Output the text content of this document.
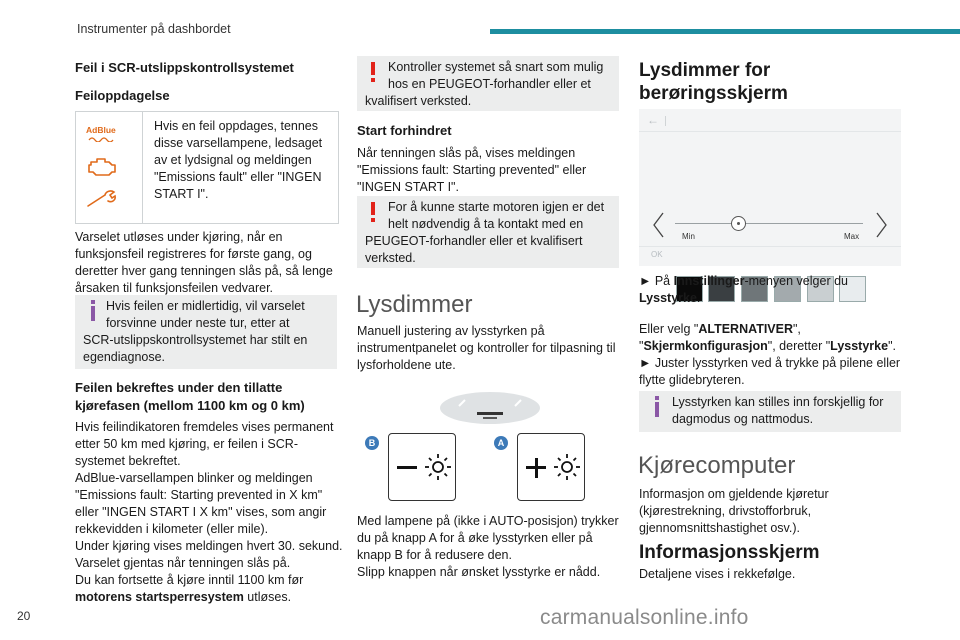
Instrumenter på dashbordet
Feil i SCR-utslippskontrollsystemet
Feiloppdagelse
AdBlue	Hvis en feil oppdages, tennes
disse varsellampene, ledsaget
av et lydsignal og meldingen
"Emissions fault" eller "INGEN
START I".
Varselet utløses under kjøring, når en
funksjonsfeil registreres for første gang, og
deretter hver gang tenningen slås på, så lenge
årsaken til funksjonsfeilen vedvarer.
Hvis feilen er midlertidig, vil varselet
forsvinne under neste tur, etter at
SCR-utslippskontrollsystemet har stilt en
egendiagnose.
Feilen bekreftes under den tillatte
kjørefasen (mellom 1100 km og 0 km)
Hvis feilindikatoren fremdeles vises permanent
etter 50 km med kjøring, er feilen i SCR-
systemet bekreftet.
AdBlue-varsellampen blinker og meldingen
"Emissions fault: Starting prevented in X km"
eller "INGEN START I X km" vises, som angir
rekkevidden i kilometer (eller mile).
Under kjøring vises meldingen hvert 30. sekund.
Varselet gjentas når tenningen slås på.
Du kan fortsette å kjøre inntil 1100 km før
motorens startsperresystem utløses.
Kontroller systemet så snart som mulig
hos en PEUGEOT-forhandler eller et
kvalifisert verksted.
Start forhindret
Når tenningen slås på, vises meldingen
"Emissions fault: Starting prevented" eller
"INGEN START I".
For å kunne starte motoren igjen er det
helt nødvendig å ta kontakt med en
PEUGEOT-forhandler eller et kvalifisert
verksted.
Lysdimmer
Manuell justering av lysstyrken på
instrumentpanelet og kontroller for tilpasning til
lysforholdene ute.
B	A
Med lampene på (ikke i AUTO-posisjon) trykker
du på knapp A for å øke lysstyrken eller på
knapp B for å redusere den.
Slipp knappen når ønsket lysstyrke er nådd.
Lysdimmer for
berøringsskjerm
←
Min	Max
OK
► På Innstillinger-menyen velger du
Lysstyrke.
Eller velg "ALTERNATIVER",
"Skjermkonfigurasjon", deretter "Lysstyrke".
► Juster lysstyrken ved å trykke på pilene eller
flytte glidebryteren.
Lysstyrken kan stilles inn forskjellig for
dagmodus og nattmodus.
Kjørecomputer
Informasjon om gjeldende kjøretur
(kjørestrekning, drivstofforbruk,
gjennomsnittshastighet osv.).
Informasjonsskjerm
Detaljene vises i rekkefølge.
20	carmanualsonline.info
